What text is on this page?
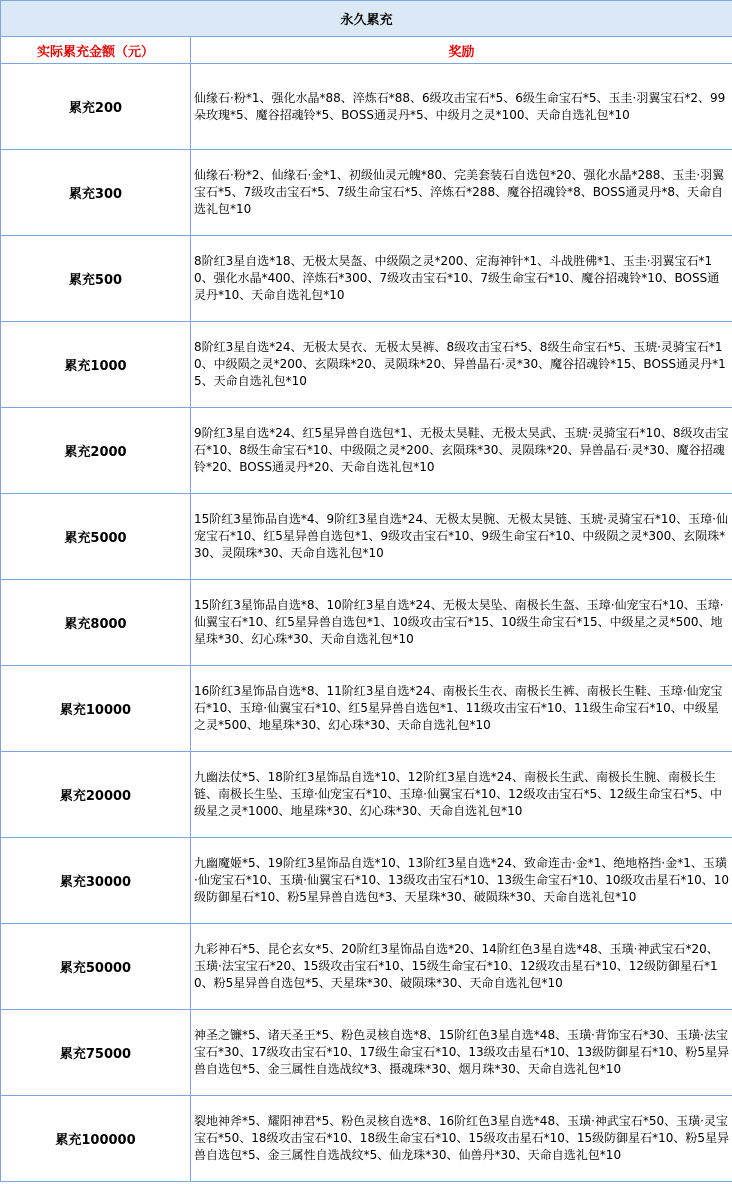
永久累充	
实际累充金额（元）	奖励
累充200	仙缘石·粉*1、强化水晶*88、淬炼石*88、6级攻击宝石*5、6级生命宝石*5、玉圭·羽翼宝石*2、99朵玫瑰*5、魔谷招魂铃*5、BOSS通灵丹*5、中级月之灵*100、天命自选礼包*10
累充300	仙缘石·粉*2、仙缘石·金*1、初级仙灵元魄*80、完美套装石自选包*20、强化水晶*288、玉圭·羽翼宝石*5、7级攻击宝石*5、7级生命宝石*5、淬炼石*288、魔谷招魂铃*8、BOSS通灵丹*8、天命自选礼包*10
累充500	8阶红3星自选*18、无极太昊盔、中级陨之灵*200、定海神针*1、斗战胜佛*1、玉圭·羽翼宝石*10、强化水晶*400、淬炼石*300、7级攻击宝石*10、7级生命宝石*10、魔谷招魂铃*10、BOSS通灵丹*10、天命自选礼包*10
累充1000	8阶红3星自选*24、无极太昊衣、无极太昊裤、8级攻击宝石*5、8级生命宝石*5、玉琥·灵骑宝石*10、中级陨之灵*200、玄陨珠*20、灵陨珠*20、异兽晶石·灵*30、魔谷招魂铃*15、BOSS通灵丹*15、天命自选礼包*10
累充2000	9阶红3星自选*24、红5星异兽自选包*1、无极太昊鞋、无极太昊武、玉琥·灵骑宝石*10、8级攻击宝石*10、8级生命宝石*10、中级陨之灵*200、玄陨珠*30、灵陨珠*20、异兽晶石·灵*30、魔谷招魂铃*20、BOSS通灵丹*20、天命自选礼包*10
累充5000	15阶红3星饰品自选*4、9阶红3星自选*24、无极太昊腕、无极太昊链、玉琥·灵骑宝石*10、玉璋·仙宠宝石*10、红5星异兽自选包*1、9级攻击宝石*10、9级生命宝石*10、中级陨之灵*300、玄陨珠*30、灵陨珠*30、天命自选礼包*10
累充8000	15阶红3星饰品自选*8、10阶红3星自选*24、无极太昊坠、南极长生盔、玉璋·仙宠宝石*10、玉璋·仙翼宝石*10、红5星异兽自选包*1、10级攻击宝石*15、10级生命宝石*15、中级星之灵*500、地星珠*30、幻心珠*30、天命自选礼包*10
累充10000	16阶红3星饰品自选*8、11阶红3星自选*24、南极长生衣、南极长生裤、南极长生鞋、玉璋·仙宠宝石*10、玉璋·仙翼宝石*10、红5星异兽自选包*1、11级攻击宝石*10、11级生命宝石*10、中级星之灵*500、地星珠*30、幻心珠*30、天命自选礼包*10
累充20000	九幽法仗*5、18阶红3星饰品自选*10、12阶红3星自选*24、南极长生武、南极长生腕、南极长生链、南极长生坠、玉璋·仙宠宝石*10、玉璋·仙翼宝石*10、12级攻击宝石*5、12级生命宝石*5、中级星之灵*1000、地星珠*30、幻心珠*30、天命自选礼包*10
累充30000	九幽魔姬*5、19阶红3星饰品自选*10、13阶红3星自选*24、致命连击·金*1、绝地格挡·金*1、玉璜·仙宠宝石*10、玉璜·仙翼宝石*10、13级攻击宝石*10、13级生命宝石*10、10级攻击星石*10、10级防御星石*10、粉5星异兽自选包*3、天星珠*30、破陨珠*30、天命自选礼包*10
累充50000	九彩神石*5、昆仑玄女*5、20阶红3星饰品自选*20、14阶红色3星自选*48、玉璜·神武宝石*20、玉璜·法宝宝石*20、15级攻击宝石*10、15级生命宝石*10、12级攻击星石*10、12级防御星石*10、粉5星异兽自选包*5、天星珠*30、破陨珠*30、天命自选礼包*10
累充75000	神圣之镰*5、诸天圣王*5、粉色灵核自选*8、15阶红色3星自选*48、玉璜·背饰宝石*30、玉璜·法宝宝石*30、17级攻击宝石*10、17级生命宝石*10、13级攻击星石*10、13级防御星石*10、粉5星异兽自选包*5、金三属性自选战纹*3、摄魂珠*30、烟月珠*30、天命自选礼包*10
累充100000	裂地神斧*5、耀阳神君*5、粉色灵核自选*8、16阶红色3星自选*48、玉璜·神武宝石*50、玉璜·灵宝宝石*50、18级攻击宝石*10、18级生命宝石*10、15级攻击星石*10、15级防御星石*10、粉5星异兽自选包*5、金三属性自选战纹*5、仙龙珠*30、仙兽丹*30、天命自选礼包*10
